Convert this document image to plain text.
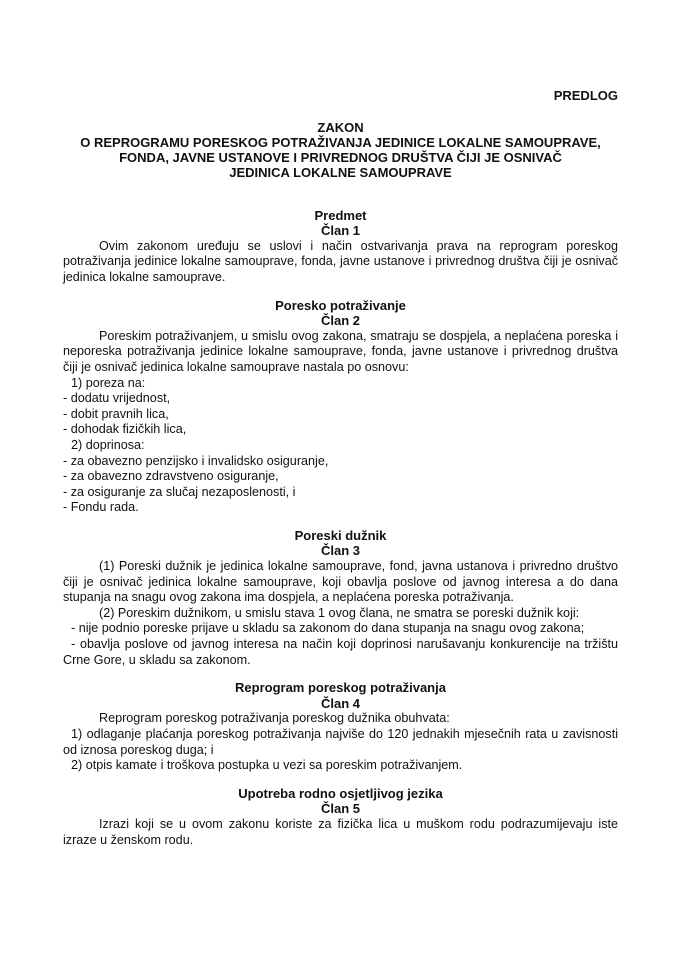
PREDLOG
ZAKON
O REPROGRAMU PORESKOG POTRAŽIVANJA JEDINICE LOKALNE SAMOUPRAVE,
FONDA, JAVNE USTANOVE I PRIVREDNOG DRUŠTVA ČIJI JE OSNIVAČ
JEDINICA LOKALNE SAMOUPRAVE
Predmet
Član 1

Ovim zakonom uređuju se uslovi i način ostvarivanja prava na reprogram poreskog potraživanja jedinice lokalne samouprave, fonda, javne ustanove i privrednog društva čiji je osnivač jedinica lokalne samouprave.

Poresko potraživanje
Član 2

Poreskim potraživanjem, u smislu ovog zakona, smatraju se dospjela, a neplaćena poreska i neporeska potraživanja jedinice lokalne samouprave, fonda, javne ustanove i privrednog društva čiji je osnivač jedinica lokalne samouprave nastala po osnovu:

1) poreza na:
- dodatu vrijednost,
- dobit pravnih lica,
- dohodak fizičkih lica,
2) doprinosa:
- za obavezno penzijsko i invalidsko osiguranje,
- za obavezno zdravstveno osiguranje,
- za osiguranje za slučaj nezaposlenosti, i
- Fondu rada.
Poreski dužnik
Član 3

(1) Poreski dužnik je jedinica lokalne samouprave, fond, javna ustanova i privredno društvo čiji je osnivač jedinica lokalne samouprave, koji obavlja poslove od javnog interesa a do dana stupanja na snagu ovog zakona ima dospjela, a neplaćena poreska potraživanja.

(2) Poreskim dužnikom, u smislu stava 1 ovog člana, ne smatra se poreski dužnik koji:

- nije podnio poreske prijave u skladu sa zakonom do dana stupanja na snagu ovog zakona;

- obavlja poslove od javnog interesa na način koji doprinosi narušavanju konkurencije na tržištu Crne Gore, u skladu sa zakonom.

Reprogram poreskog potraživanja
Član 4

Reprogram poreskog potraživanja poreskog dužnika obuhvata:

1) odlaganje plaćanja poreskog potraživanja najviše do 120 jednakih mjesečnih rata u zavisnosti od iznosa poreskog duga; i

2) otpis kamate i troškova postupka u vezi sa poreskim potraživanjem.

Upotreba rodno osjetljivog jezika
Član 5

Izrazi koji se u ovom zakonu koriste za fizička lica u muškom rodu podrazumijevaju iste izraze u ženskom rodu.
